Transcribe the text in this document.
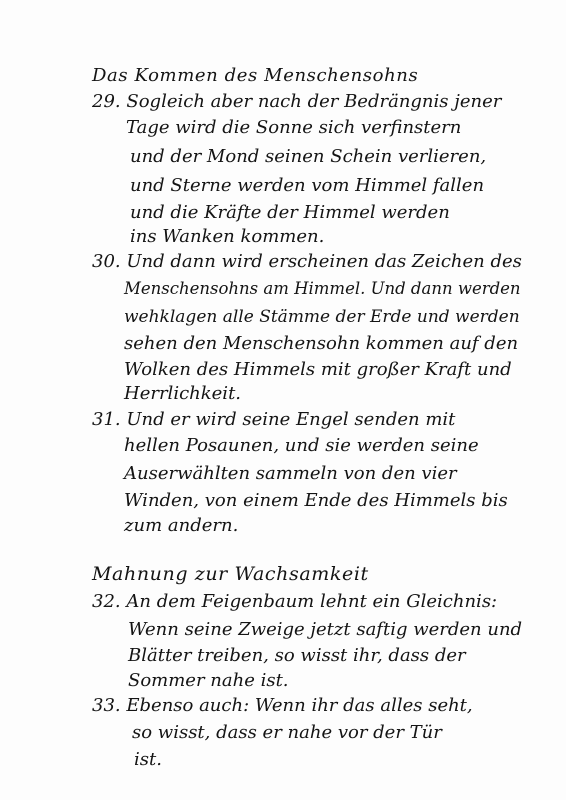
Das Kommen des Menschensohns
29. Sogleich aber nach der Bedrängnis jener
Tage wird die Sonne sich verfinstern
und der Mond seinen Schein verlieren,
und Sterne werden vom Himmel fallen
und die Kräfte der Himmel werden
ins Wanken kommen.
30. Und dann wird erscheinen das Zeichen des
Menschensohns am Himmel. Und dann werden
wehklagen alle Stämme der Erde und werden
sehen den Menschensohn kommen auf den
Wolken des Himmels mit großer Kraft und
Herrlichkeit.
31. Und er wird seine Engel senden mit
hellen Posaunen, und sie werden seine
Auserwählten sammeln von den vier
Winden, von einem Ende des Himmels bis
zum andern.
Mahnung zur Wachsamkeit
32. An dem Feigenbaum lehnt ein Gleichnis:
Wenn seine Zweige jetzt saftig werden und
Blätter treiben, so wisst ihr, dass der
Sommer nahe ist.
33. Ebenso auch: Wenn ihr das alles seht,
so wisst, dass er nahe vor der Tür
ist.
